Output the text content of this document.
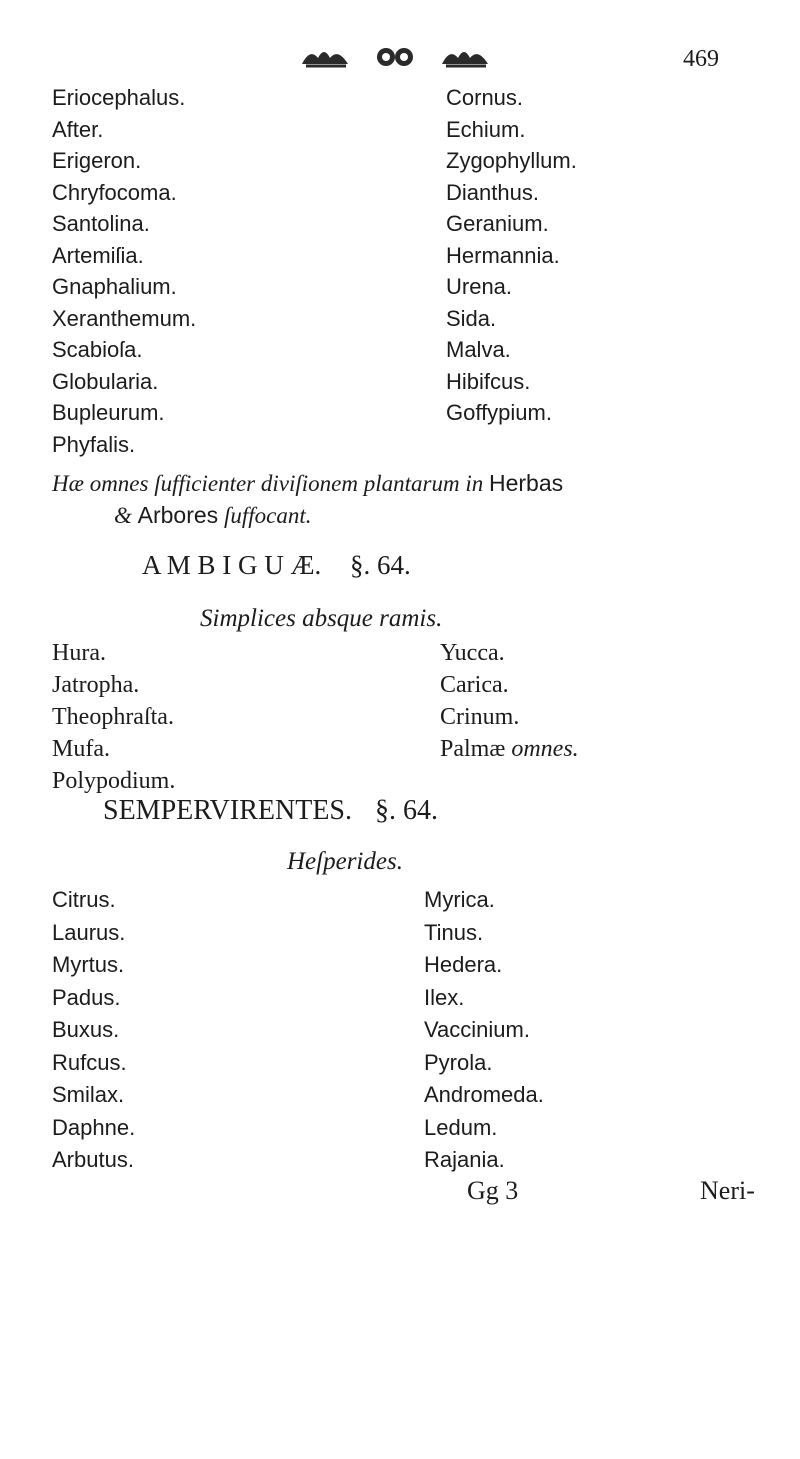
469
Eriocephalus.
After.
Erigeron.
Chryfocoma.
Santolina.
Artemiſia.
Gnaphalium.
Xeranthemum.
Scabioſa.
Globularia.
Bupleurum.
Phyfalis.
Cornus.
Echium.
Zygophyllum.
Dianthus.
Geranium.
Hermannia.
Urena.
Sida.
Malva.
Hibifcus.
Goffypium.
Hæ omnes ſufficienter diviſionem plantarum in Herbas
& Arbores ſuffocant.
A M B I G U Æ. §. 64.
Simplices absque ramis.
Hura.
Jatropha.
Theophraſta.
Mufa.
Polypodium.
Yucca.
Carica.
Crinum.
Palmæ omnes.
SEMPERVIRENTES. §. 64.
Heſperides.
Citrus.
Laurus.
Myrtus.
Padus.
Buxus.
Rufcus.
Smilax.
Daphne.
Arbutus.
Myrica.
Tinus.
Hedera.
Ilex.
Vaccinium.
Pyrola.
Andromeda.
Ledum.
Rajania.
Gg 3	Neri-
